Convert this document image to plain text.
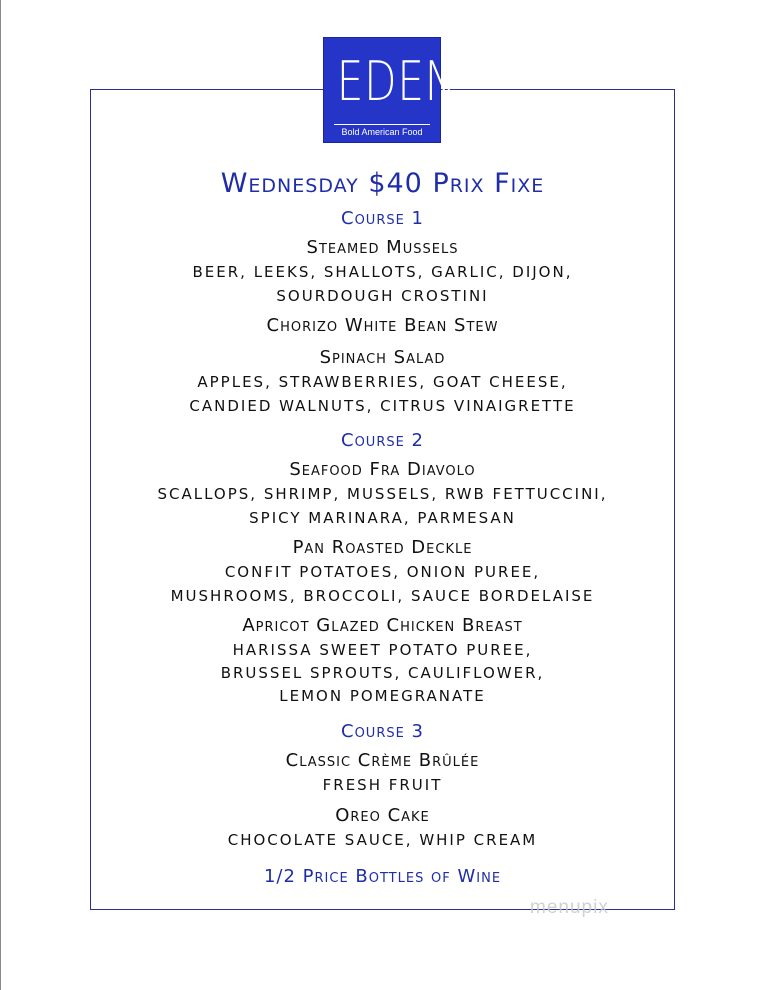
EDEN
Bold American Food
Wednesday $40 Prix Fixe
Course 1
Steamed Mussels
BEER, LEEKS, SHALLOTS, GARLIC, DIJON,
SOURDOUGH CROSTINI
Chorizo White Bean Stew
Spinach Salad
APPLES, STRAWBERRIES, GOAT CHEESE,
CANDIED WALNUTS, CITRUS VINAIGRETTE
Course 2
Seafood Fra Diavolo
SCALLOPS, SHRIMP, MUSSELS, RWB FETTUCCINI,
SPICY MARINARA, PARMESAN
Pan Roasted Deckle
CONFIT POTATOES, ONION PUREE,
MUSHROOMS, BROCCOLI, SAUCE BORDELAISE
Apricot Glazed Chicken Breast
HARISSA SWEET POTATO PUREE,
BRUSSEL SPROUTS, CAULIFLOWER,
LEMON POMEGRANATE
Course 3
Classic Crème Brûlée
FRESH FRUIT
Oreo Cake
CHOCOLATE SAUCE, WHIP CREAM
1/2 Price Bottles of Wine
menupix
